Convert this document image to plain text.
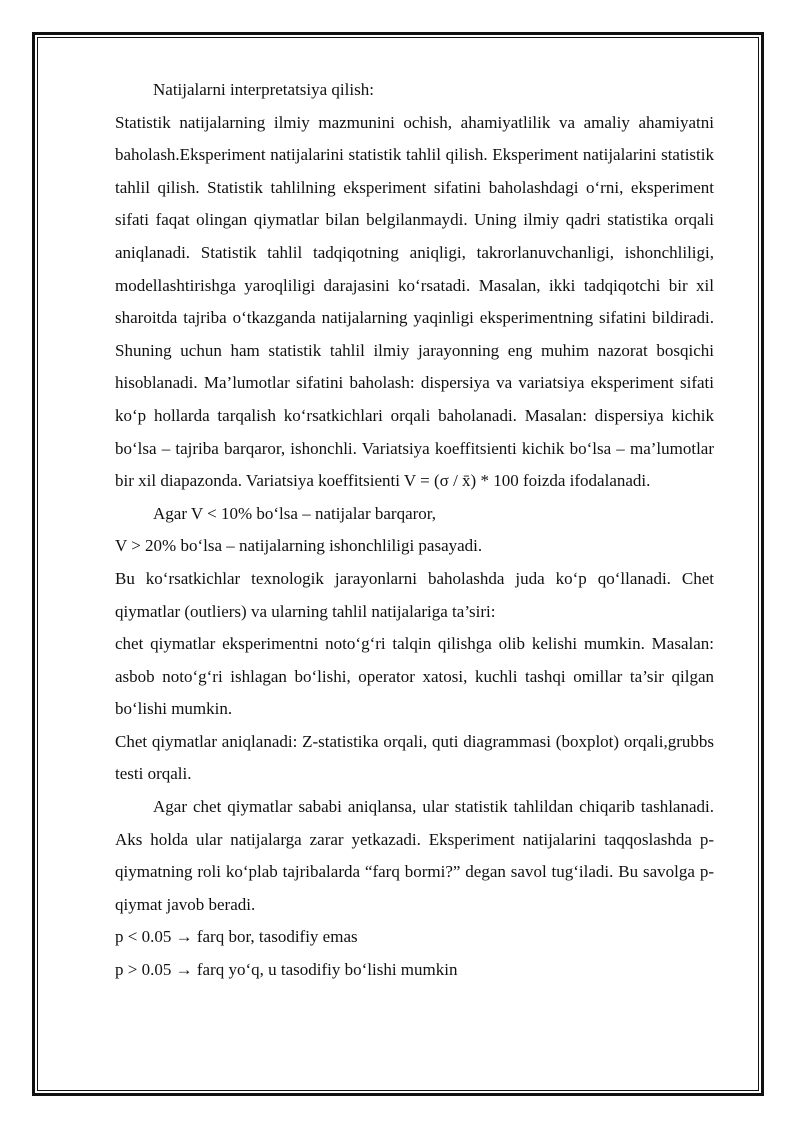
Natijalarni interpretatsiya qilish:

Statistik natijalarning ilmiy mazmunini ochish, ahamiyatlilik va amaliy ahamiyatni baholash.Eksperiment natijalarini statistik tahlil qilish. Eksperiment natijalarini statistik tahlil qilish. Statistik tahlilning eksperiment sifatini baholashdagi o‘rni, eksperiment sifati faqat olingan qiymatlar bilan belgilanmaydi. Uning ilmiy qadri statistika orqali aniqlanadi. Statistik tahlil tadqiqotning aniqligi, takrorlanuvchanligi, ishonchliligi, modellashtirishga yaroqliligi darajasini ko‘rsatadi. Masalan, ikki tadqiqotchi bir xil sharoitda tajriba o‘tkazganda natijalarning yaqinligi eksperimentning sifatini bildiradi. Shuning uchun ham statistik tahlil ilmiy jarayonning eng muhim nazorat bosqichi hisoblanadi. Ma’lumotlar sifatini baholash: dispersiya va variatsiya eksperiment sifati ko‘p hollarda tarqalish ko‘rsatkichlari orqali baholanadi. Masalan: dispersiya kichik bo‘lsa – tajriba barqaror, ishonchli. Variatsiya koeffitsienti kichik bo‘lsa – ma’lumotlar bir xil diapazonda. Variatsiya koeffitsienti V = (σ / x̄) * 100 foizda ifodalanadi.

Agar V < 10% bo‘lsa – natijalar barqaror,

V > 20% bo‘lsa – natijalarning ishonchliligi pasayadi.

Bu ko‘rsatkichlar texnologik jarayonlarni baholashda juda ko‘p qo‘llanadi. Chet qiymatlar (outliers) va ularning tahlil natijalariga ta’siri:

chet qiymatlar eksperimentni noto‘g‘ri talqin qilishga olib kelishi mumkin. Masalan: asbob noto‘g‘ri ishlagan bo‘lishi, operator xatosi, kuchli tashqi omillar ta’sir qilgan bo‘lishi mumkin.

Chet qiymatlar aniqlanadi: Z-statistika orqali, quti diagrammasi (boxplot) orqali,grubbs testi orqali.

Agar chet qiymatlar sababi aniqlansa, ular statistik tahlildan chiqarib tashlanadi. Aks holda ular natijalarga zarar yetkazadi. Eksperiment natijalarini taqqoslashda p-qiymatning roli ko‘plab tajribalarda “farq bormi?” degan savol tug‘iladi. Bu savolga p-qiymat javob beradi.

p < 0.05 → farq bor, tasodifiy emas

p > 0.05 → farq yo‘q, u tasodifiy bo‘lishi mumkin
